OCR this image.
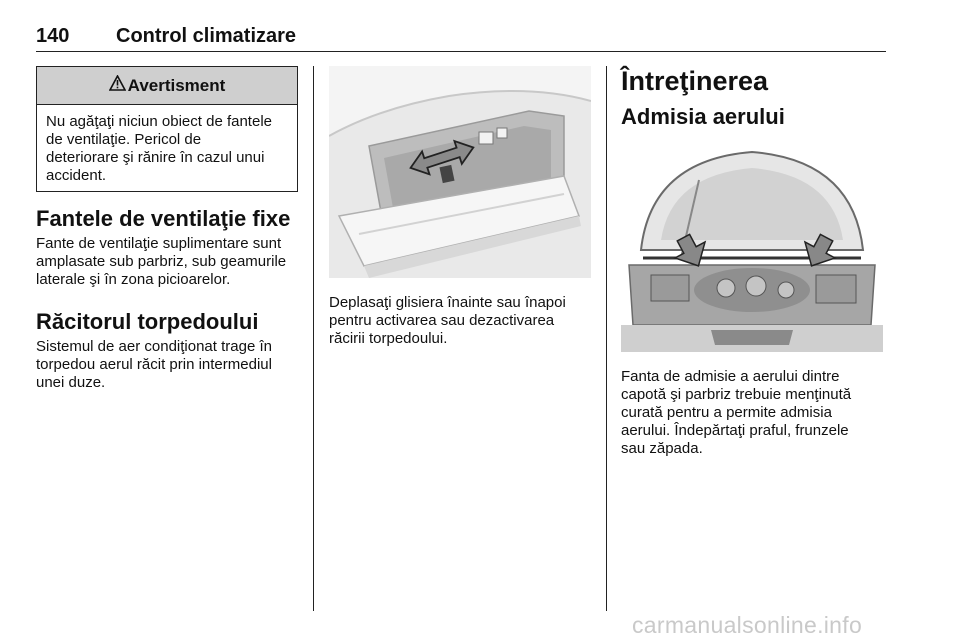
140 Control climatizare
Avertisment
Nu agăţaţi niciun obiect de fantele
de ventilaţie. Pericol de
deteriorare şi rănire în cazul unui
accident.
Fantele de ventilaţie fixe
Fante de ventilaţie suplimentare sunt
amplasate sub parbriz, sub geamurile
laterale şi în zona picioarelor.
Răcitorul torpedoului
Sistemul de aer condiţionat trage în
torpedou aerul răcit prin intermediul
unei duze.
Deplasaţi glisiera înainte sau înapoi
pentru activarea sau dezactivarea
răcirii torpedoului.
Întreţinerea
Admisia aerului
Fanta de admisie a aerului dintre
capotă şi parbriz trebuie menţinută
curată pentru a permite admisia
aerului. Îndepărtaţi praful, frunzele
sau zăpada.
carmanualsonline.info
